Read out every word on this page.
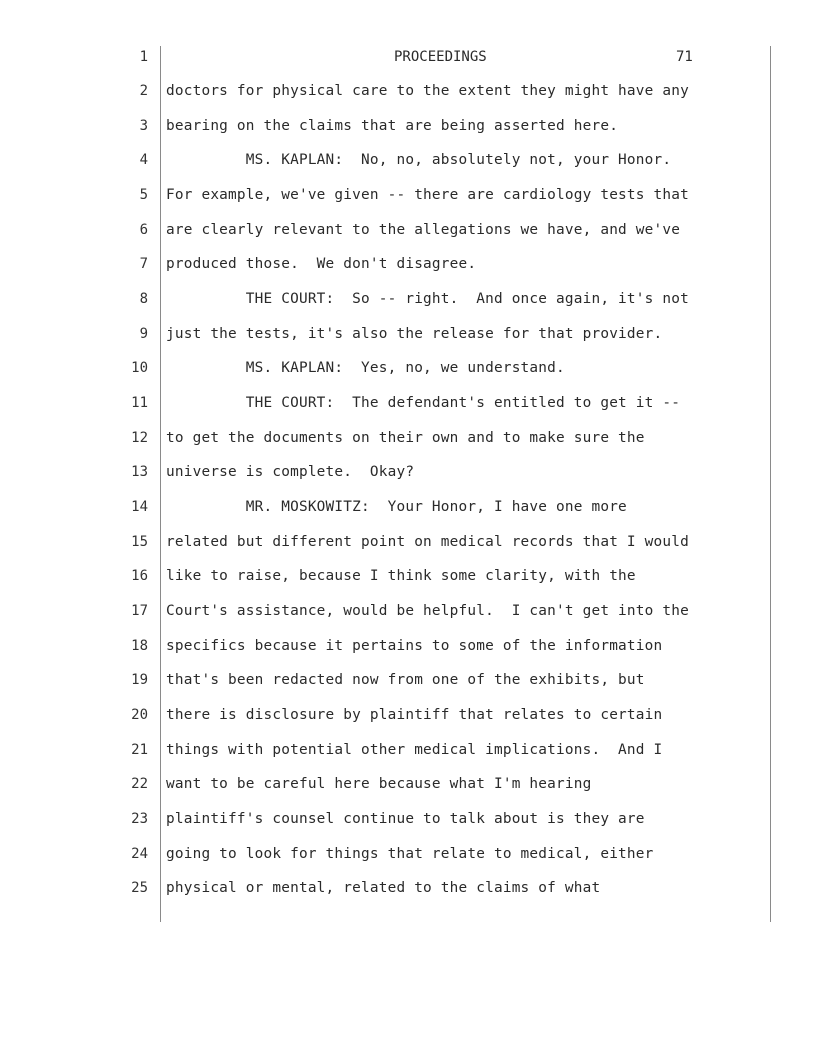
1	PROCEEDINGS	71
2 doctors for physical care to the extent they might have any
3 bearing on the claims that are being asserted here.
4 MS. KAPLAN:  No, no, absolutely not, your Honor.
5 For example, we've given -- there are cardiology tests that
6 are clearly relevant to the allegations we have, and we've
7 produced those.  We don't disagree.
8 THE COURT:  So -- right.  And once again, it's not
9 just the tests, it's also the release for that provider.
10 MS. KAPLAN:  Yes, no, we understand.
11 THE COURT:  The defendant's entitled to get it --
12 to get the documents on their own and to make sure the
13 universe is complete.  Okay?
14 MR. MOSKOWITZ:  Your Honor, I have one more
15 related but different point on medical records that I would
16 like to raise, because I think some clarity, with the
17 Court's assistance, would be helpful.  I can't get into the
18 specifics because it pertains to some of the information
19 that's been redacted now from one of the exhibits, but
20 there is disclosure by plaintiff that relates to certain
21 things with potential other medical implications.  And I
22 want to be careful here because what I'm hearing
23 plaintiff's counsel continue to talk about is they are
24 going to look for things that relate to medical, either
25 physical or mental, related to the claims of what
